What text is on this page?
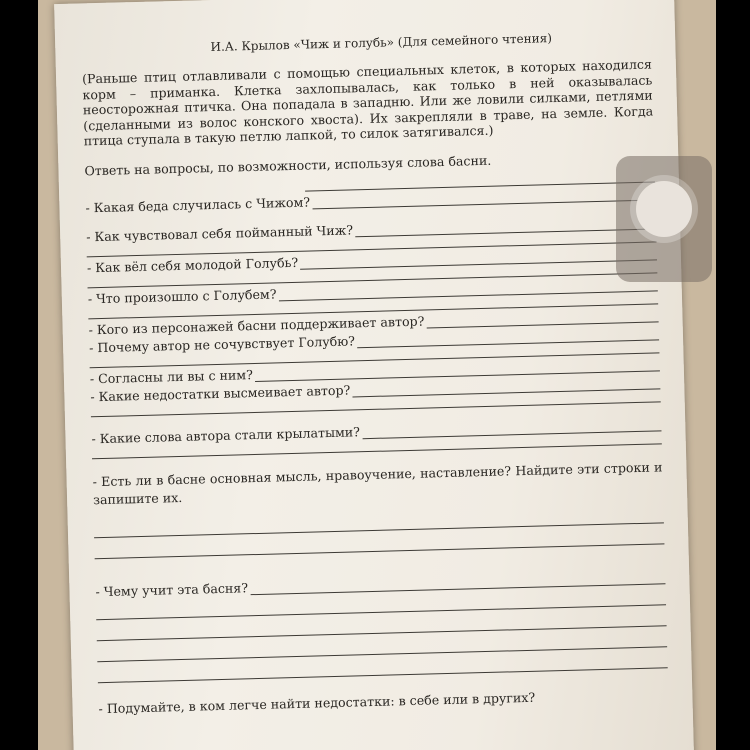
И.А. Крылов «Чиж и голубь» (Для семейного чтения)
(Раньше птиц отлавливали с помощью специальных клеток, в которых находился корм – приманка. Клетка захлопывалась, как только в ней оказывалась неосторожная птичка. Она попадала в западню. Или же ловили силками, петлями (сделанными из волос конского хвоста). Их закрепляли в траве, на земле. Когда птица ступала в такую петлю лапкой, то силок затягивался.)
Ответь на вопросы, по возможности, используя слова басни.
- Какая беда случилась с Чижом?
- Как чувствовал себя пойманный Чиж?
- Как вёл себя молодой Голубь?
- Что произошло с Голубем?
- Кого из персонажей басни поддерживает автор?
- Почему автор не сочувствует Голубю?
- Согласны ли вы с ним?
- Какие недостатки высмеивает автор?
- Какие слова автора стали крылатыми?
- Есть ли в басне основная мысль, нравоучение, наставление? Найдите эти строки и запишите их.
- Чему учит эта басня?
- Подумайте, в ком легче найти недостатки: в себе или в других?
